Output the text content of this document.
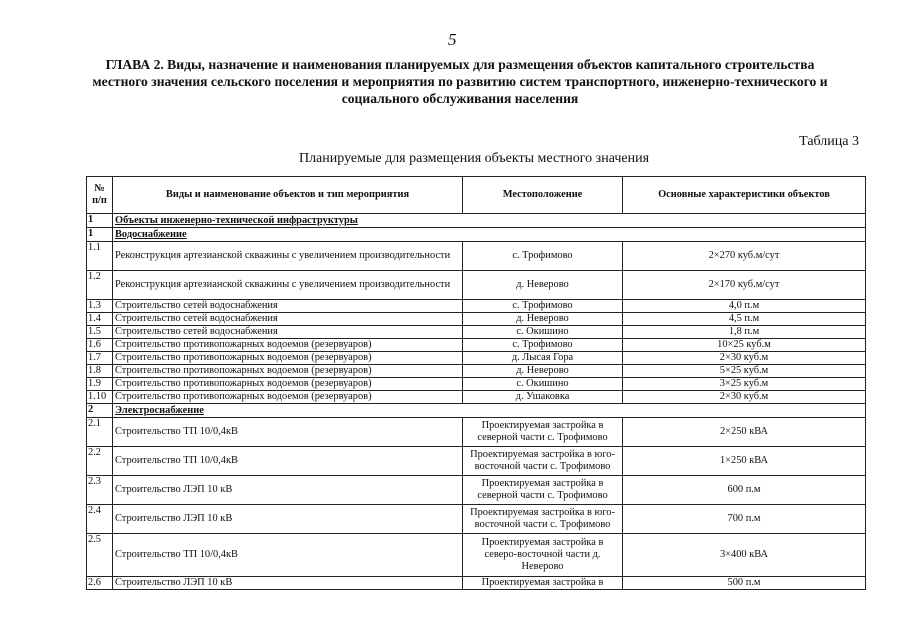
5
ГЛАВА 2. Виды, назначение и наименования планируемых для размещения объектов капитального строительства местного значения сельского поселения и мероприятия по развитию систем транспортного, инженерно-технического и социального обслуживания населения
Таблица 3
Планируемые для размещения объекты местного значения
№ п/п	Виды и наименование объектов и тип мероприятия	Местоположение	Основные характеристики объектов
1	Объекты инженерно-технической инфраструктуры		
1	Водоснабжение		
1.1	Реконструкция артезианской скважины с увеличением производительности	с. Трофимово	2×270 куб.м/сут
1.2	Реконструкция артезианской скважины с увеличением производительности	д. Неверово	2×170 куб.м/сут
1.3	Строительство сетей водоснабжения	с. Трофимово	4,0 п.м
1.4	Строительство сетей водоснабжения	д. Неверово	4,5 п.м
1.5	Строительство сетей водоснабжения	с. Окишино	1,8 п.м
1.6	Строительство противопожарных водоемов (резервуаров)	с. Трофимово	10×25 куб.м
1.7	Строительство противопожарных водоемов (резервуаров)	д. Лысая Гора	2×30 куб.м
1.8	Строительство противопожарных водоемов (резервуаров)	д. Неверово	5×25 куб.м
1.9	Строительство противопожарных водоемов (резервуаров)	с. Окишино	3×25 куб.м
1.10	Строительство противопожарных водоемов (резервуаров)	д. Ушаковка	2×30 куб.м
2	Электроснабжение		
2.1	Строительство ТП 10/0,4кВ	Проектируемая застройка в северной части с. Трофимово	2×250 кВА
2.2	Строительство ТП 10/0,4кВ	Проектируемая застройка в юго-восточной части с. Трофимово	1×250 кВА
2.3	Строительство ЛЭП 10 кВ	Проектируемая застройка в северной части с. Трофимово	600 п.м
2.4	Строительство ЛЭП 10 кВ	Проектируемая застройка в юго-восточной части с. Трофимово	700 п.м
2.5	Строительство ТП 10/0,4кВ	Проектируемая застройка в северо-восточной части д. Неверово	3×400 кВА
2.6	Строительство ЛЭП 10 кВ	Проектируемая застройка в	500 п.м
